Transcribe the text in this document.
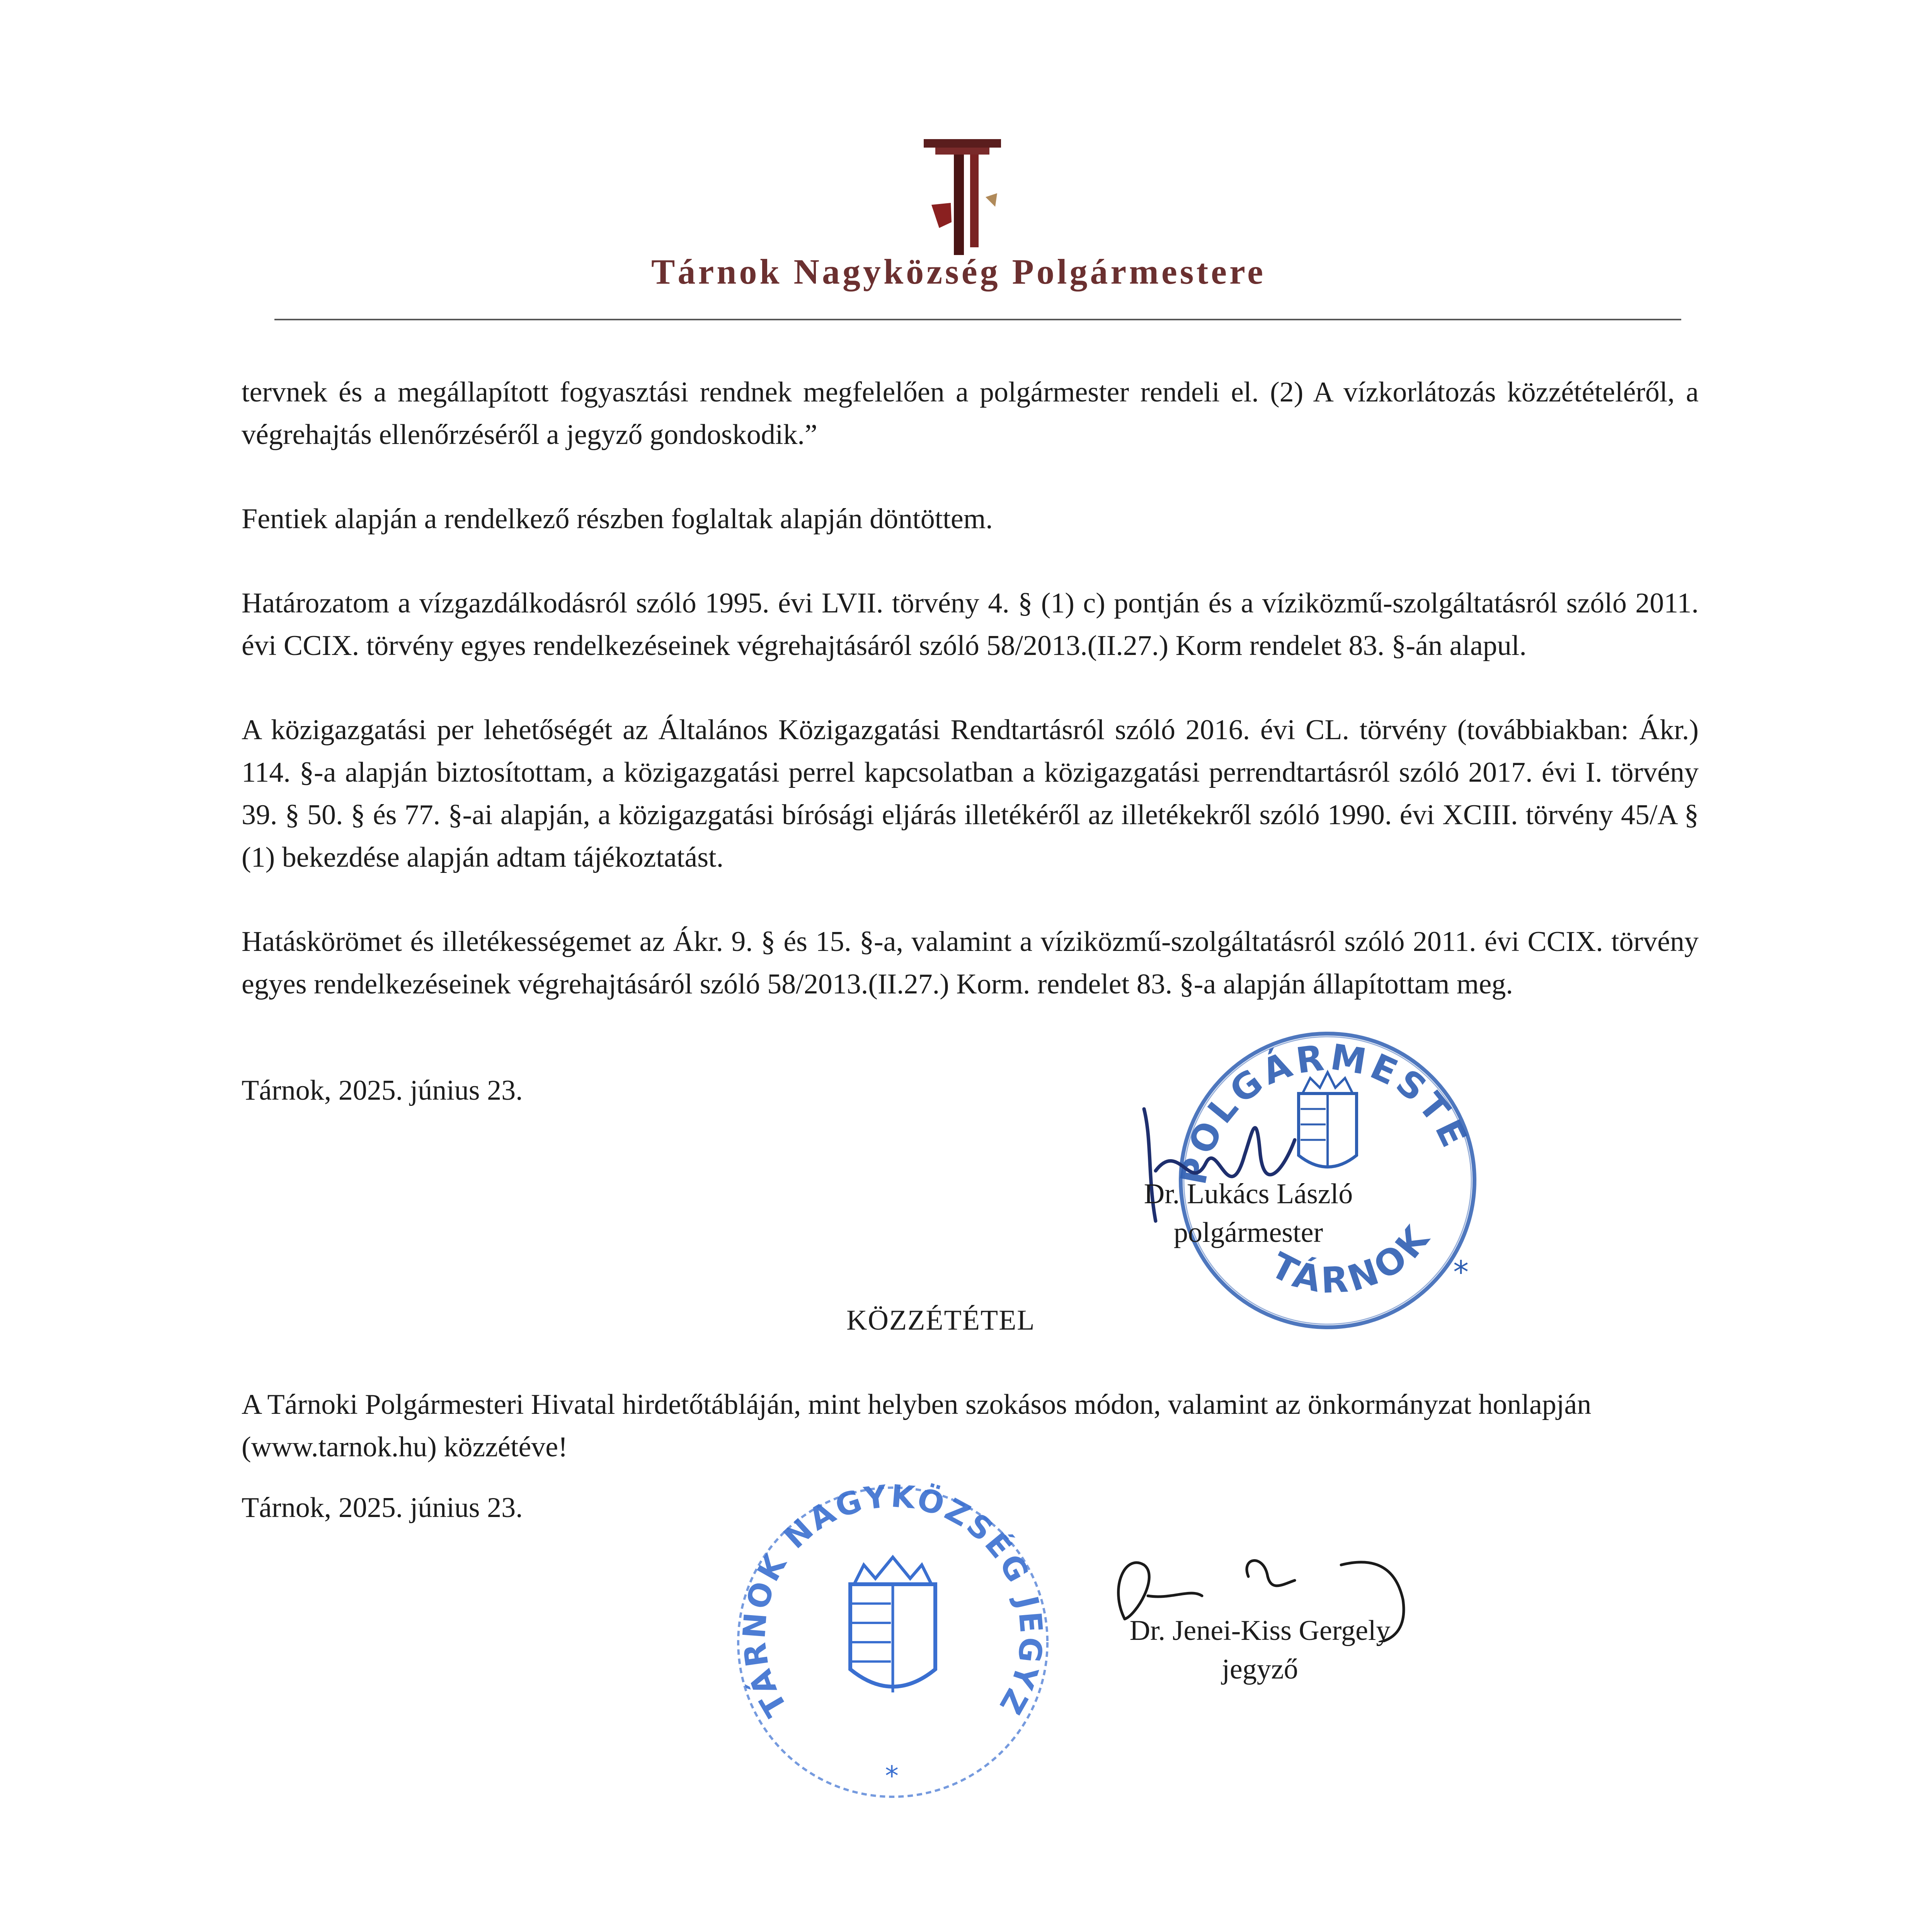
Tárnok Nagyközség Polgármestere

tervnek és a megállapított fogyasztási rendnek megfelelően a polgármester rendeli el. (2) A vízkorlátozás közzétételéről, a végrehajtás ellenőrzéséről a jegyző gondoskodik.”

Fentiek alapján a rendelkező részben foglaltak alapján döntöttem.

Határozatom a vízgazdálkodásról szóló 1995. évi LVII. törvény 4. § (1) c) pontján és a víziközmű-szolgáltatásról szóló 2011. évi CCIX. törvény egyes rendelkezéseinek végrehajtásáról szóló 58/2013.(II.27.) Korm rendelet 83. §-án alapul.

A közigazgatási per lehetőségét az Általános Közigazgatási Rendtartásról szóló 2016. évi CL. törvény (továbbiakban: Ákr.) 114. §-a alapján biztosítottam, a közigazgatási perrel kapcsolatban a közigazgatási perrendtartásról szóló 2017. évi I. törvény 39. § 50. § és 77. §-ai alapján, a közigazgatási bírósági eljárás illetékéről az illetékekről szóló 1990. évi XCIII. törvény 45/A § (1) bekezdése alapján adtam tájékoztatást.

Hatáskörömet és illetékességemet az Ákr. 9. § és 15. §-a, valamint a víziközmű-szolgáltatásról szóló 2011. évi CCIX. törvény egyes rendelkezéseinek végrehajtásáról szóló 58/2013.(II.27.) Korm. rendelet 83. §-a alapján állapítottam meg.

Tárnok, 2025. június 23.
POLGÁRMESTE
TÁRNOK
*
Dr. Lukács László
polgármester
KÖZZÉTÉTEL
A Tárnoki Polgármesteri Hivatal hirdetőtábláján, mint helyben szokásos módon, valamint az önkormányzat honlapján (www.tarnok.hu) közzétéve!
Tárnok, 2025. június 23.
TÁRNOK NAGYKÖZSÉG JEGYZ
*
Dr. Jenei-Kiss Gergely
jegyző
